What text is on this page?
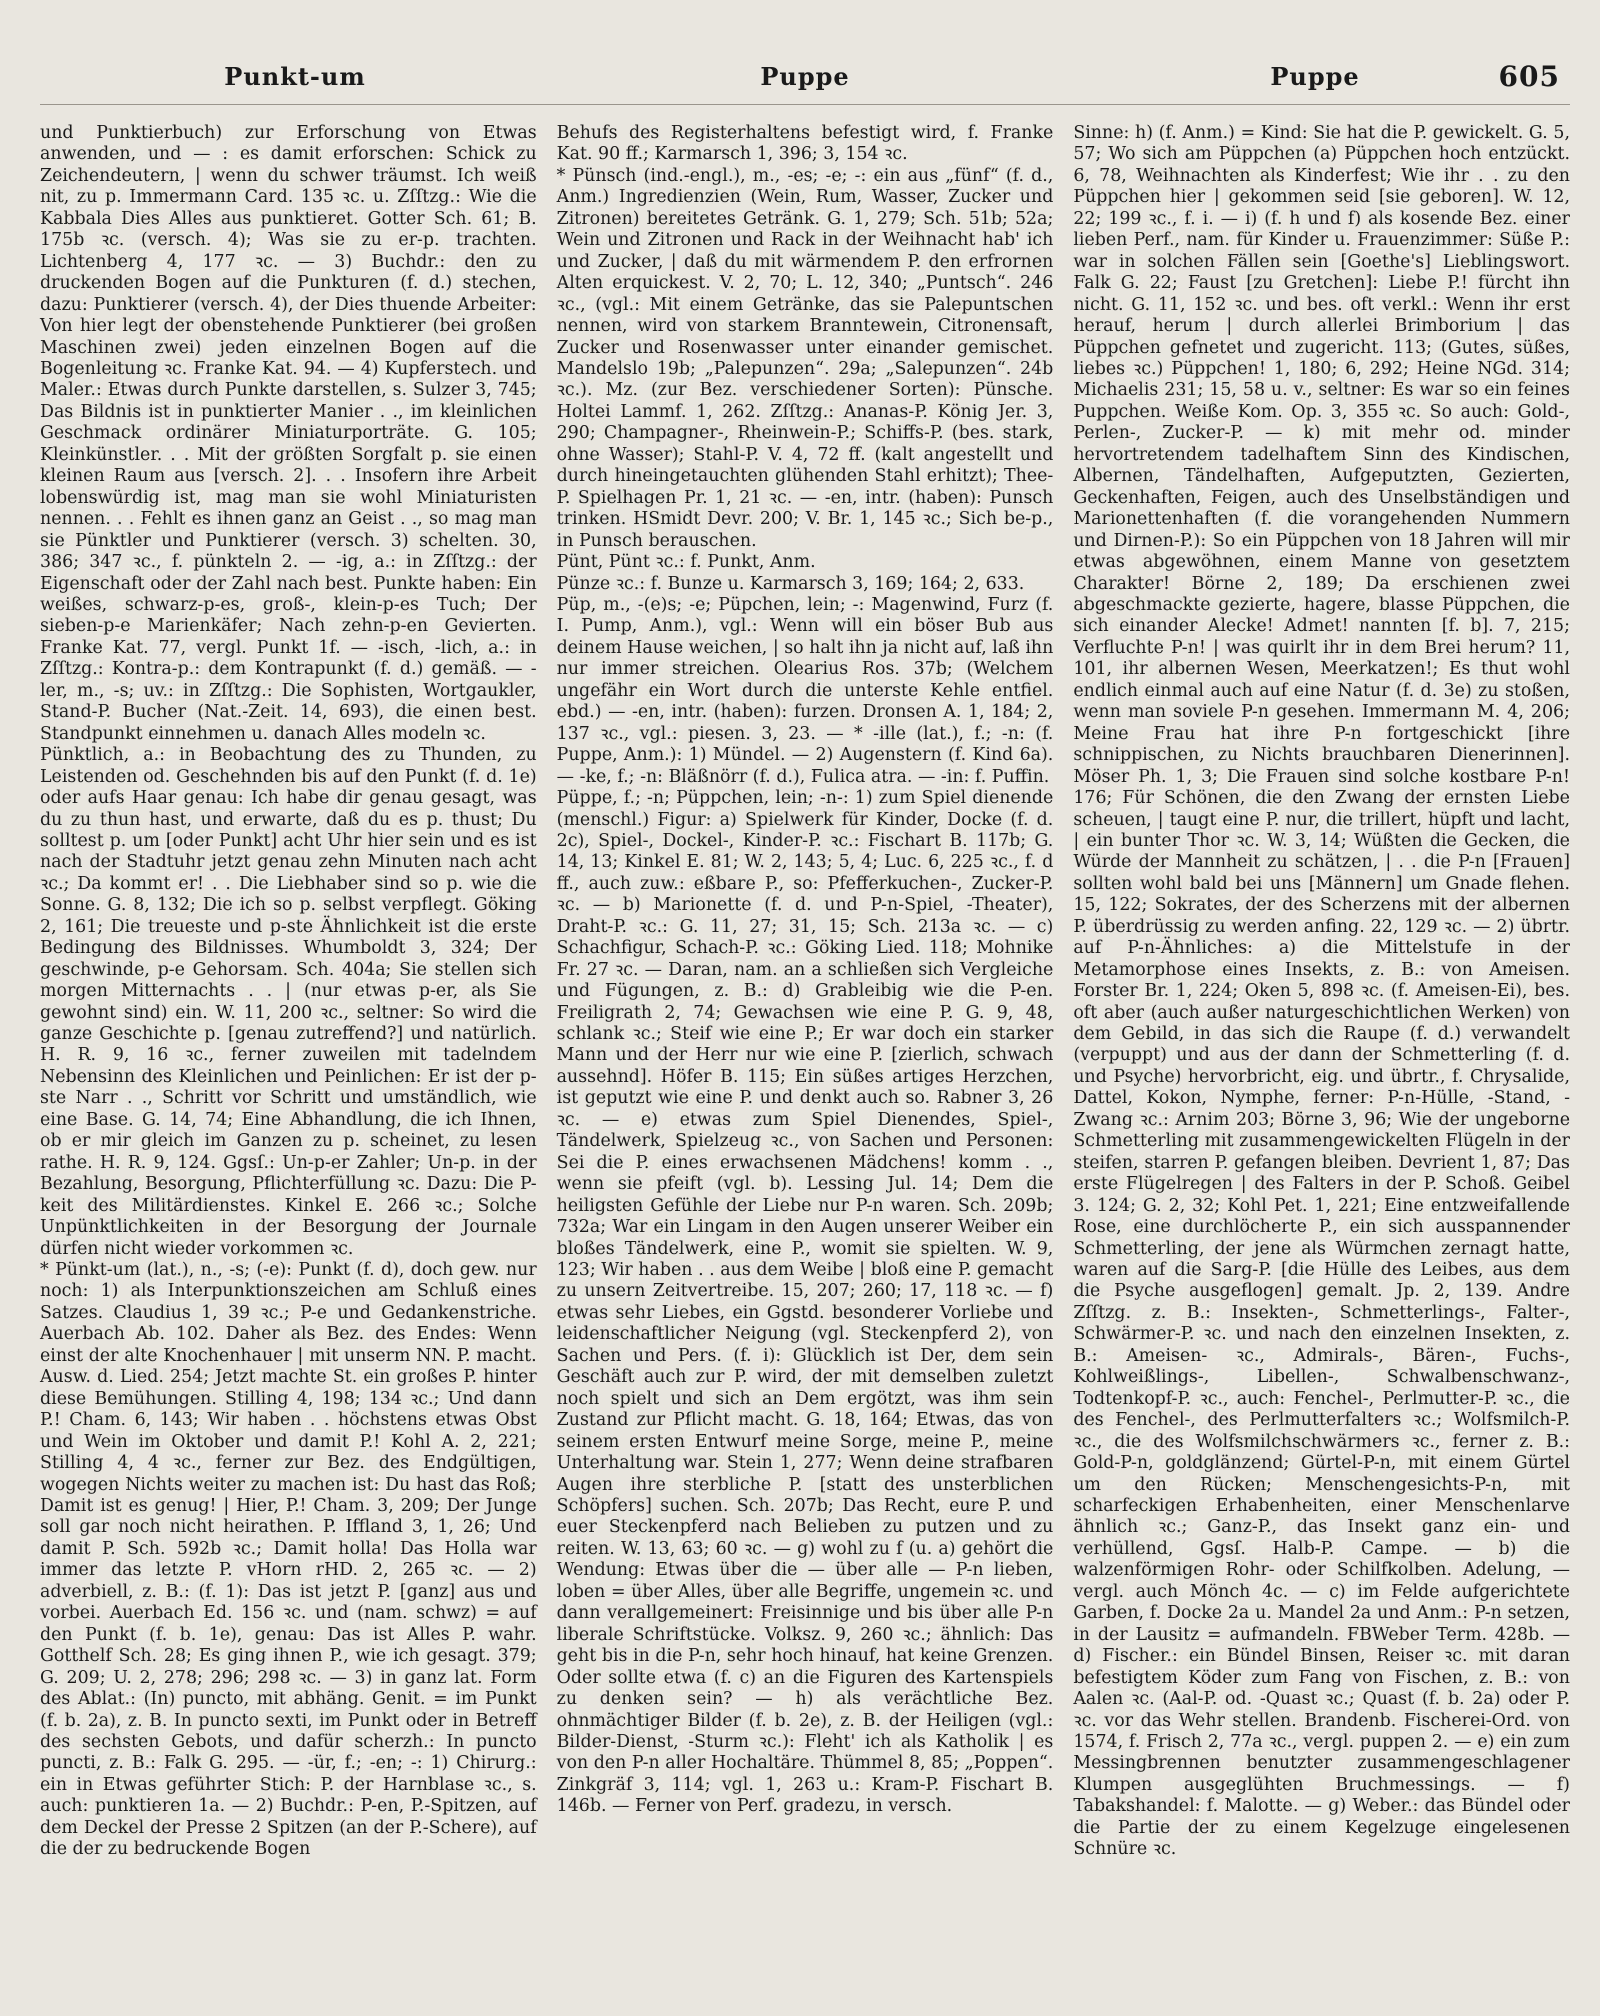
Punkt-um	Puppe	Puppe	605

und Punktierbuch) zur Erforschung von Etwas anwenden, und — : es damit erforschen: Schick zu Zeichendeutern, | wenn du schwer träumst. Ich weiß nit, zu p. Immermann Card. 135 ꝛc. u. Zſſtzg.: Wie die Kabbala Dies Alles aus punktieret. Gotter Sch. 61; B. 175b ꝛc. (versch. 4); Was sie zu er-p. trachten. Lichtenberg 4, 177 ꝛc. — 3) Buchdr.: den zu druckenden Bogen auf die Punkturen (f. d.) stechen, dazu: Punktierer (versch. 4), der Dies thuende Arbeiter: Von hier legt der obenstehende Punktierer (bei großen Maschinen zwei) jeden einzelnen Bogen auf die Bogenleitung ꝛc. Franke Kat. 94. — 4) Kupferstech. und Maler.: Etwas durch Punkte darstellen, s. Sulzer 3, 745; Das Bildnis ist in punktierter Manier . ., im kleinlichen Geschmack ordinärer Miniaturporträte. G. 105; Kleinkünstler. . . Mit der größten Sorgfalt p. sie einen kleinen Raum aus [versch. 2]. . . Insofern ihre Arbeit lobenswürdig ist, mag man sie wohl Miniaturisten nennen. . . Fehlt es ihnen ganz an Geist . ., so mag man sie Pünktler und Punktierer (versch. 3) schelten. 30, 386; 347 ꝛc., f. pünkteln 2. — -ig, a.: in Zſſtzg.: der Eigenschaft oder der Zahl nach best. Punkte haben: Ein weißes, schwarz-p-es, groß-, klein-p-es Tuch; Der sieben-p-e Marienkäfer; Nach zehn-p-en Gevierten. Franke Kat. 77, vergl. Punkt 1f. — -isch, -lich, a.: in Zſſtzg.: Kontra-p.: dem Kontrapunkt (f. d.) gemäß. — -ler, m., -s; uv.: in Zſſtzg.: Die Sophisten, Wortgaukler, Stand-P. Bucher (Nat.-Zeit. 14, 693), die einen best. Standpunkt einnehmen u. danach Alles modeln ꝛc.

Pünktlich, a.: in Beobachtung des zu Thunden, zu Leistenden od. Geschehnden bis auf den Punkt (f. d. 1e) oder aufs Haar genau: Ich habe dir genau gesagt, was du zu thun hast, und erwarte, daß du es p. thust; Du solltest p. um [oder Punkt] acht Uhr hier sein und es ist nach der Stadtuhr jetzt genau zehn Minuten nach acht ꝛc.; Da kommt er! . . Die Liebhaber sind so p. wie die Sonne. G. 8, 132; Die ich so p. selbst verpflegt. Göking 2, 161; Die treueste und p-ste Ähnlichkeit ist die erste Bedingung des Bildnisses. Whumboldt 3, 324; Der geschwinde, p-e Gehorsam. Sch. 404a; Sie stellen sich morgen Mitternachts . . | (nur etwas p-er, als Sie gewohnt sind) ein. W. 11, 200 ꝛc., seltner: So wird die ganze Geschichte p. [genau zutreffend?] und natürlich. H. R. 9, 16 ꝛc., ferner zuweilen mit tadelndem Nebensinn des Kleinlichen und Peinlichen: Er ist der p-ste Narr . ., Schritt vor Schritt und umständlich, wie eine Base. G. 14, 74; Eine Abhandlung, die ich Ihnen, ob er mir gleich im Ganzen zu p. scheinet, zu lesen rathe. H. R. 9, 124. Ggsſ.: Un-p-er Zahler; Un-p. in der Bezahlung, Besorgung, Pflichterfüllung ꝛc. Dazu: Die P-keit des Militärdienstes. Kinkel E. 266 ꝛc.; Solche Unpünktlichkeiten in der Besorgung der Journale dürfen nicht wieder vorkommen ꝛc.

* Pünkt-um (lat.), n., -s; (-e): Punkt (f. d), doch gew. nur noch: 1) als Interpunktionszeichen am Schluß eines Satzes. Claudius 1, 39 ꝛc.; P-e und Gedankenstriche. Auerbach Ab. 102. Daher als Bez. des Endes: Wenn einst der alte Knochenhauer | mit unserm NN. P. macht. Ausw. d. Lied. 254; Jetzt machte St. ein großes P. hinter diese Bemühungen. Stilling 4, 198; 134 ꝛc.; Und dann P.! Cham. 6, 143; Wir haben . . höchstens etwas Obst und Wein im Oktober und damit P.! Kohl A. 2, 221; Stilling 4, 4 ꝛc., ferner zur Bez. des Endgültigen, wogegen Nichts weiter zu machen ist: Du hast das Roß; Damit ist es genug! | Hier, P.! Cham. 3, 209; Der Junge soll gar noch nicht heirathen. P. Iffland 3, 1, 26; Und damit P. Sch. 592b ꝛc.; Damit holla! Das Holla war immer das letzte P. vHorn rHD. 2, 265 ꝛc. — 2) adverbiell, z. B.: (f. 1): Das ist jetzt P. [ganz] aus und vorbei. Auerbach Ed. 156 ꝛc. und (nam. schwz) = auf den Punkt (f. b. 1e), genau: Das ist Alles P. wahr. Gotthelf Sch. 28; Es ging ihnen P., wie ich gesagt. 379; G. 209; U. 2, 278; 296; 298 ꝛc. — 3) in ganz lat. Form des Ablat.: (In) puncto, mit abhäng. Genit. = im Punkt (f. b. 2a), z. B. In puncto sexti, im Punkt oder in Betreff des sechsten Gebots, und dafür scherzh.: In puncto puncti, z. B.: Falk G. 295. — -ür, f.; -en; -: 1) Chirurg.: ein in Etwas geführter Stich: P. der Harnblase ꝛc., s. auch: punktieren 1a. — 2) Buchdr.: P-en, P.-Spitzen, auf dem Deckel der Presse 2 Spitzen (an der P.-Schere), auf die der zu bedruckende Bogen

Behufs des Registerhaltens befestigt wird, f. Franke Kat. 90 ff.; Karmarsch 1, 396; 3, 154 ꝛc.

* Pünsch (ind.-engl.), m., -es; -e; -: ein aus „fünf“ (f. d., Anm.) Ingredienzien (Wein, Rum, Wasser, Zucker und Zitronen) bereitetes Getränk. G. 1, 279; Sch. 51b; 52a; Wein und Zitronen und Rack in der Weihnacht hab' ich und Zucker, | daß du mit wärmendem P. den erfrornen Alten erquickest. V. 2, 70; L. 12, 340; „Puntsch“. 246 ꝛc., (vgl.: Mit einem Getränke, das sie Palepuntschen nennen, wird von starkem Branntewein, Citronensaft, Zucker und Rosenwasser unter einander gemischet. Mandelslo 19b; „Palepunzen“. 29a; „Salepunzen“. 24b ꝛc.). Mz. (zur Bez. verschiedener Sorten): Pünsche. Holtei Lammf. 1, 262. Zſſtzg.: Ananas-P. König Jer. 3, 290; Champagner-, Rheinwein-P.; Schiffs-P. (bes. stark, ohne Wasser); Stahl-P. V. 4, 72 ff. (kalt angestellt und durch hineingetauchten glühenden Stahl erhitzt); Thee-P. Spielhagen Pr. 1, 21 ꝛc. — -en, intr. (haben): Punsch trinken. HSmidt Devr. 200; V. Br. 1, 145 ꝛc.; Sich be-p., in Punsch berauschen.

Pünt, Pünt ꝛc.: f. Punkt, Anm.

Pünze ꝛc.: f. Bunze u. Karmarsch 3, 169; 164; 2, 633.

Püp, m., -(e)s; -e; Püpchen, lein; -: Magenwind, Furz (f. I. Pump, Anm.), vgl.: Wenn will ein böser Bub aus deinem Hause weichen, | so halt ihn ja nicht auf, laß ihn nur immer streichen. Olearius Ros. 37b; (Welchem ungefähr ein Wort durch die unterste Kehle entfiel. ebd.) — -en, intr. (haben): furzen. Dronsen A. 1, 184; 2, 137 ꝛc., vgl.: piesen. 3, 23. — * -ille (lat.), f.; -n: (f. Puppe, Anm.): 1) Mündel. — 2) Augenstern (f. Kind 6a). — -ke, f.; -n: Bläßnörr (f. d.), Fulica atra. — -in: f. Puffin.

Püppe, f.; -n; Püppchen, lein; -n-: 1) zum Spiel dienende (menschl.) Figur: a) Spielwerk für Kinder, Docke (f. d. 2c), Spiel-, Dockel-, Kinder-P. ꝛc.: Fischart B. 117b; G. 14, 13; Kinkel E. 81; W. 2, 143; 5, 4; Luc. 6, 225 ꝛc., f. d ff., auch zuw.: eßbare P., so: Pfefferkuchen-, Zucker-P. ꝛc. — b) Marionette (f. d. und P-n-Spiel, -Theater), Draht-P. ꝛc.: G. 11, 27; 31, 15; Sch. 213a ꝛc. — c) Schachfigur, Schach-P. ꝛc.: Göking Lied. 118; Mohnike Fr. 27 ꝛc. — Daran, nam. an a schließen sich Vergleiche und Fügungen, z. B.: d) Grableibig wie die P-en. Freiligrath 2, 74; Gewachsen wie eine P. G. 9, 48, schlank ꝛc.; Steif wie eine P.; Er war doch ein starker Mann und der Herr nur wie eine P. [zierlich, schwach aussehnd]. Höfer B. 115; Ein süßes artiges Herzchen, ist geputzt wie eine P. und denkt auch so. Rabner 3, 26 ꝛc. — e) etwas zum Spiel Dienendes, Spiel-, Tändelwerk, Spielzeug ꝛc., von Sachen und Personen: Sei die P. eines erwachsenen Mädchens! komm . ., wenn sie pfeift (vgl. b). Lessing Jul. 14; Dem die heiligsten Gefühle der Liebe nur P-n waren. Sch. 209b; 732a; War ein Lingam in den Augen unserer Weiber ein bloßes Tändelwerk, eine P., womit sie spielten. W. 9, 123; Wir haben . . aus dem Weibe | bloß eine P. gemacht zu unsern Zeitvertreibe. 15, 207; 260; 17, 118 ꝛc. — f) etwas sehr Liebes, ein Ggstd. besonderer Vorliebe und leidenschaftlicher Neigung (vgl. Steckenpferd 2), von Sachen und Pers. (f. i): Glücklich ist Der, dem sein Geschäft auch zur P. wird, der mit demselben zuletzt noch spielt und sich an Dem ergötzt, was ihm sein Zustand zur Pflicht macht. G. 18, 164; Etwas, das von seinem ersten Entwurf meine Sorge, meine P., meine Unterhaltung war. Stein 1, 277; Wenn deine strafbaren Augen ihre sterbliche P. [statt des unsterblichen Schöpfers] suchen. Sch. 207b; Das Recht, eure P. und euer Steckenpferd nach Belieben zu putzen und zu reiten. W. 13, 63; 60 ꝛc. — g) wohl zu f (u. a) gehört die Wendung: Etwas über die — über alle — P-n lieben, loben = über Alles, über alle Begriffe, ungemein ꝛc. und dann verallgemeinert: Freisinnige und bis über alle P-n liberale Schriftstücke. Volksz. 9, 260 ꝛc.; ähnlich: Das geht bis in die P-n, sehr hoch hinauf, hat keine Grenzen. Oder sollte etwa (f. c) an die Figuren des Kartenspiels zu denken sein? — h) als verächtliche Bez. ohnmächtiger Bilder (f. b. 2e), z. B. der Heiligen (vgl.: Bilder-Dienst, -Sturm ꝛc.): Fleht' ich als Katholik | es von den P-n aller Hochaltäre. Thümmel 8, 85; „Poppen“. Zinkgräf 3, 114; vgl. 1, 263 u.: Kram-P. Fischart B. 146b. — Ferner von Perf. gradezu, in versch.

Sinne: h) (f. Anm.) = Kind: Sie hat die P. gewickelt. G. 5, 57; Wo sich am Püppchen (a) Püppchen hoch entzückt. 6, 78, Weihnachten als Kinderfest; Wie ihr . . zu den Püppchen hier | gekommen seid [sie geboren]. W. 12, 22; 199 ꝛc., f. i. — i) (f. h und f) als kosende Bez. einer lieben Perf., nam. für Kinder u. Frauenzimmer: Süße P.: war in solchen Fällen sein [Goethe's] Lieblingswort. Falk G. 22; Faust [zu Gretchen]: Liebe P.! fürcht ihn nicht. G. 11, 152 ꝛc. und bes. oft verkl.: Wenn ihr erst herauf, herum | durch allerlei Brimborium | das Püppchen gefnetet und zugericht. 113; (Gutes, süßes, liebes ꝛc.) Püppchen! 1, 180; 6, 292; Heine NGd. 314; Michaelis 231; 15, 58 u. v., seltner: Es war so ein feines Puppchen. Weiße Kom. Op. 3, 355 ꝛc. So auch: Gold-, Perlen-, Zucker-P. — k) mit mehr od. minder hervortretendem tadelhaftem Sinn des Kindischen, Albernen, Tändelhaften, Aufgeputzten, Gezierten, Geckenhaften, Feigen, auch des Unselbständigen und Marionettenhaften (f. die vorangehenden Nummern und Dirnen-P.): So ein Püppchen von 18 Jahren will mir etwas abgewöhnen, einem Manne von gesetztem Charakter! Börne 2, 189; Da erschienen zwei abgeschmackte gezierte, hagere, blasse Püppchen, die sich einander Alecke! Admet! nannten [f. b]. 7, 215; Verfluchte P-n! | was quirlt ihr in dem Brei herum? 11, 101, ihr albernen Wesen, Meerkatzen!; Es thut wohl endlich einmal auch auf eine Natur (f. d. 3e) zu stoßen, wenn man soviele P-n gesehen. Immermann M. 4, 206; Meine Frau hat ihre P-n fortgeschickt [ihre schnippischen, zu Nichts brauchbaren Dienerinnen]. Möser Ph. 1, 3; Die Frauen sind solche kostbare P-n! 176; Für Schönen, die den Zwang der ernsten Liebe scheuen, | taugt eine P. nur, die trillert, hüpft und lacht, | ein bunter Thor ꝛc. W. 3, 14; Wüßten die Gecken, die Würde der Mannheit zu schätzen, | . . die P-n [Frauen] sollten wohl bald bei uns [Männern] um Gnade flehen. 15, 122; Sokrates, der des Scherzens mit der albernen P. überdrüssig zu werden anfing. 22, 129 ꝛc. — 2) übrtr. auf P-n-Ähnliches: a) die Mittelstufe in der Metamorphose eines Insekts, z. B.: von Ameisen. Forster Br. 1, 224; Oken 5, 898 ꝛc. (f. Ameisen-Ei), bes. oft aber (auch außer naturgeschichtlichen Werken) von dem Gebild, in das sich die Raupe (f. d.) verwandelt (verpuppt) und aus der dann der Schmetterling (f. d. und Psyche) hervorbricht, eig. und übrtr., f. Chrysalide, Dattel, Kokon, Nymphe, ferner: P-n-Hülle, -Stand, -Zwang ꝛc.: Arnim 203; Börne 3, 96; Wie der ungeborne Schmetterling mit zusammengewickelten Flügeln in der steifen, starren P. gefangen bleiben. Devrient 1, 87; Das erste Flügelregen | des Falters in der P. Schoß. Geibel 3. 124; G. 2, 32; Kohl Pet. 1, 221; Eine entzweifallende Rose, eine durchlöcherte P., ein sich ausspannender Schmetterling, der jene als Würmchen zernagt hatte, waren auf die Sarg-P. [die Hülle des Leibes, aus dem die Psyche ausgeflogen] gemalt. Jp. 2, 139. Andre Zſſtzg. z. B.: Insekten-, Schmetterlings-, Falter-, Schwärmer-P. ꝛc. und nach den einzelnen Insekten, z. B.: Ameisen- ꝛc., Admirals-, Bären-, Fuchs-, Kohlweißlings-, Libellen-, Schwalbenschwanz-, Todtenkopf-P. ꝛc., auch: Fenchel-, Perlmutter-P. ꝛc., die des Fenchel-, des Perlmutterfalters ꝛc.; Wolfsmilch-P. ꝛc., die des Wolfsmilchschwärmers ꝛc., ferner z. B.: Gold-P-n, goldglänzend; Gürtel-P-n, mit einem Gürtel um den Rücken; Menschengesichts-P-n, mit scharfeckigen Erhabenheiten, einer Menschenlarve ähnlich ꝛc.; Ganz-P., das Insekt ganz ein- und verhüllend, Ggsſ. Halb-P. Campe. — b) die walzenförmigen Rohr- oder Schilfkolben. Adelung, — vergl. auch Mönch 4c. — c) im Felde aufgerichtete Garben, f. Docke 2a u. Mandel 2a und Anm.: P-n setzen, in der Lausitz = aufmandeln. FBWeber Term. 428b. — d) Fischer.: ein Bündel Binsen, Reiser ꝛc. mit daran befestigtem Köder zum Fang von Fischen, z. B.: von Aalen ꝛc. (Aal-P. od. -Quast ꝛc.; Quast (f. b. 2a) oder P. ꝛc. vor das Wehr stellen. Brandenb. Fischerei-Ord. von 1574, f. Frisch 2, 77a ꝛc., vergl. puppen 2. — e) ein zum Messingbrennen benutzter zusammengeschlagener Klumpen ausgeglühten Bruchmessings. — f) Tabakshandel: f. Malotte. — g) Weber.: das Bündel oder die Partie der zu einem Kegelzuge eingelesenen Schnüre ꝛc.
